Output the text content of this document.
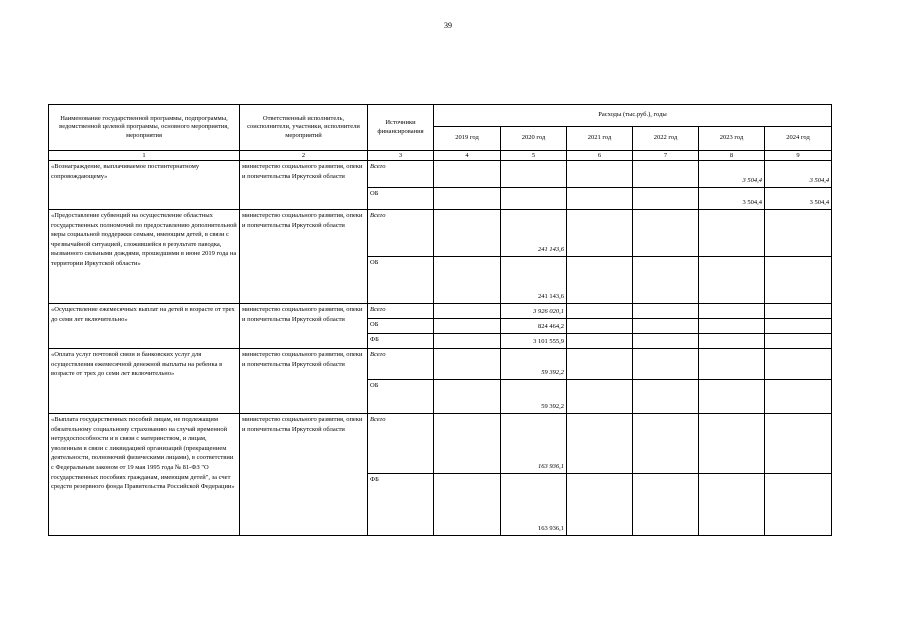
39
Наименование государственной программы, подпрограммы, ведомственной целевой программы, основного мероприятия, мероприятия	Ответственный исполнитель, соисполнители, участники, исполнители мероприятий	Источники финансирования	Расходы (тыс.руб.), годы					
			2019 год	2020 год	2021 год	2022 год	2023 год	2024 год
1	2	3	4	5	6	7	8	9
«Вознаграждение, выплачиваемое постинтернатному сопровождающему»	министерство социального развития, опеки и попечительства Иркутской области	Всего					3 504,4	3 504,4
		ОБ					3 504,4	3 504,4
«Предоставление субвенций на осуществление областных государственных полномочий по предоставлению дополнительной меры социальной поддержки семьям, имеющим детей, в связи с чрезвычайной ситуацией, сложившейся в результате паводка, вызванного сильными дождями, прошедшими в июне 2019 года на территории Иркутской области»	министерство социального развития, опеки и попечительства Иркутской области	Всего		241 143,6				
		ОБ		241 143,6				
«Осуществление ежемесячных выплат на детей в возрасте от трех до семи лет включительно»	министерство социального развития, опеки и попечительства Иркутской области	Всего		3 926 020,1				
		ОБ		824 464,2				
		ФБ		3 101 555,9				
«Оплата услуг почтовой связи и банковских услуг для осуществления ежемесячной денежной выплаты на ребенка в возрасте от трех до семи лет включительно»	министерство социального развития, опеки и попечительства Иркутской области	Всего		59 392,2				
		ОБ		59 392,2				
«Выплата государственных пособий лицам, не подлежащим обязательному социальному страхованию на случай временной нетрудоспособности и в связи с материнством, и лицам, уволенным в связи с ликвидацией организаций (прекращением деятельности, полномочий физическими лицами), в соответствии с Федеральным законом от 19 мая 1995 года № 81-ФЗ "О государственных пособиях гражданам, имеющим детей", за счет средств резервного фонда Правительства Российской Федерации»	министерство социального развития, опеки и попечительства Иркутской области	Всего		163 936,1				
		ФБ		163 936,1				
